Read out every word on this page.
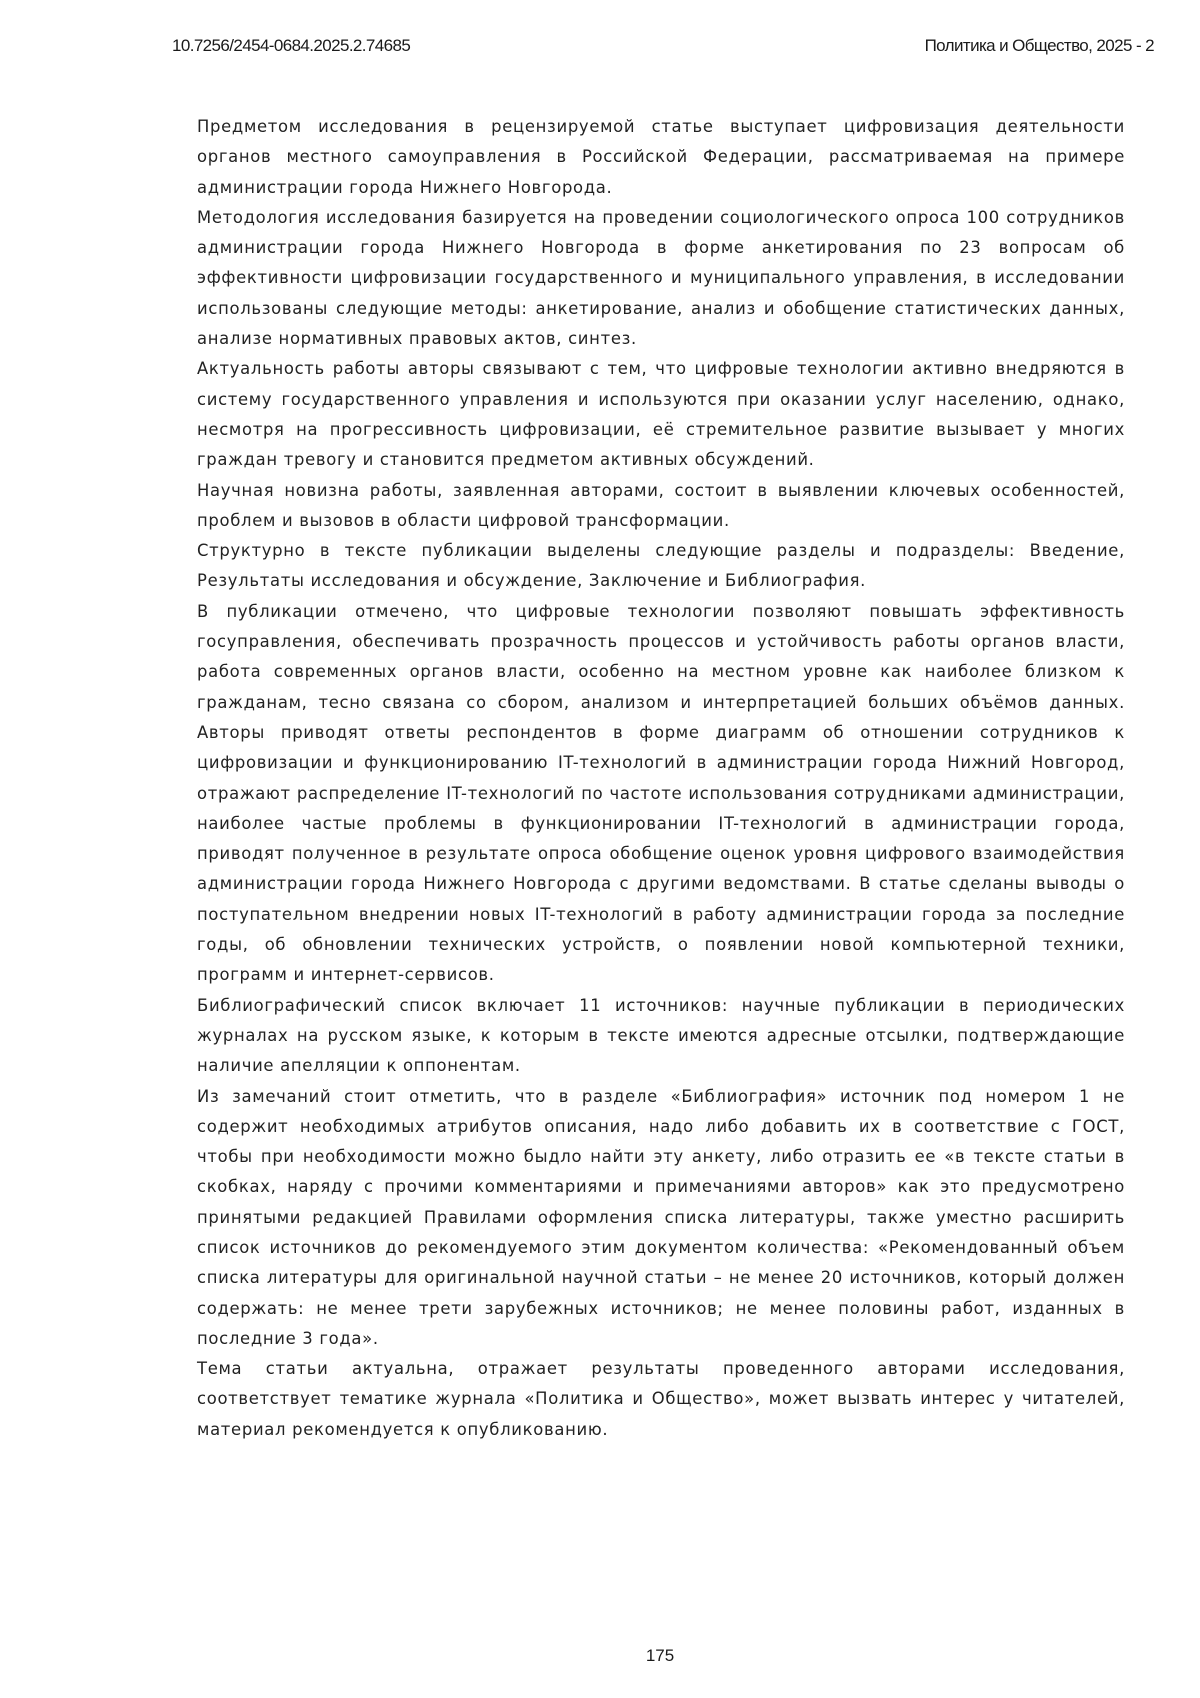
10.7256/2454-0684.2025.2.74685	Политика и Общество, 2025 - 2

Предметом исследования в рецензируемой статье выступает цифровизация деятельности органов местного самоуправления в Российской Федерации, рассматриваемая на примере администрации города Нижнего Новгорода.

Методология исследования базируется на проведении социологического опроса 100 сотрудников администрации города Нижнего Новгорода в форме анкетирования по 23 вопросам об эффективности цифровизации государственного и муниципального управления, в исследовании использованы следующие методы: анкетирование, анализ и обобщение статистических данных, анализе нормативных правовых актов, синтез.

Актуальность работы авторы связывают с тем, что цифровые технологии активно внедряются в систему государственного управления и используются при оказании услуг населению, однако, несмотря на прогрессивность цифровизации, её стремительное развитие вызывает у многих граждан тревогу и становится предметом активных обсуждений.

Научная новизна работы, заявленная авторами, состоит в выявлении ключевых особенностей, проблем и вызовов в области цифровой трансформации.

Структурно в тексте публикации выделены следующие разделы и подразделы: Введение, Результаты исследования и обсуждение, Заключение и Библиография.

В публикации отмечено, что цифровые технологии позволяют повышать эффективность госуправления, обеспечивать прозрачность процессов и устойчивость работы органов власти, работа современных органов власти, особенно на местном уровне как наиболее близком к гражданам, тесно связана со сбором, анализом и интерпретацией больших объёмов данных. Авторы приводят ответы респондентов в форме диаграмм об отношении сотрудников к цифровизации и функционированию IT-технологий в администрации города Нижний Новгород, отражают распределение IT-технологий по частоте использования сотрудниками администрации, наиболее частые проблемы в функционировании IT-технологий в администрации города, приводят полученное в результате опроса обобщение оценок уровня цифрового взаимодействия администрации города Нижнего Новгорода с другими ведомствами. В статье сделаны выводы о поступательном внедрении новых IT-технологий в работу администрации города за последние годы, об обновлении технических устройств, о появлении новой компьютерной техники, программ и интернет-сервисов.

Библиографический список включает 11 источников: научные публикации в периодических журналах на русском языке, к которым в тексте имеются адресные отсылки, подтверждающие наличие апелляции к оппонентам.

Из замечаний стоит отметить, что в разделе «Библиография» источник под номером 1 не содержит необходимых атрибутов описания, надо либо добавить их в соответствие с ГОСТ, чтобы при необходимости можно быдло найти эту анкету, либо отразить ее «в тексте статьи в скобках, наряду с прочими комментариями и примечаниями авторов» как это предусмотрено принятыми редакцией Правилами оформления списка литературы, также уместно расширить список источников до рекомендуемого этим документом количества: «Рекомендованный объем списка литературы для оригинальной научной статьи – не менее 20 источников, который должен содержать: не менее трети зарубежных источников; не менее половины работ, изданных в последние 3 года».

Тема статьи актуальна, отражает результаты проведенного авторами исследования, соответствует тематике журнала «Политика и Общество», может вызвать интерес у читателей, материал рекомендуется к опубликованию.

175
